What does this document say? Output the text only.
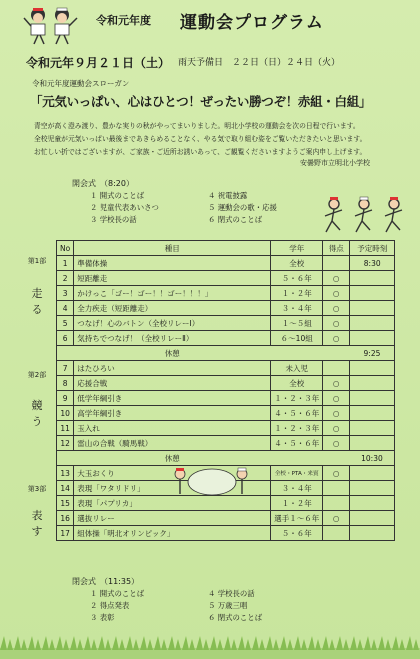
令和元年度 運動会プログラム
令和元年９月２１日（土） 雨天予備日　２２日（日）２４日（火）
令和元年度運動会スローガン
「元気いっぱい、心はひとつ！ぜったい勝つぞ！赤組・白組」
青空が高く澄み渡り、豊かな実りの秋がやってまいりました。明北小学校の運動会を次の日程で行います。
全校児童が元気いっぱい最後まであきらめることなく、やる気で取り組む姿をご覧いただきたいと思います。
お忙しい折ではございますが、ご家族・ご近所お誘いあって、ご観覧くださいますようご案内申し上げます。
安曇野市立明北小学校
開会式　（8:20）
１ 開式のことば
２ 児童代表あいさつ
３ 学校長の話
４ 祝電披露
５ 運動会の歌・応援
６ 閉式のことば
第1部
走
る
第2部
競
う
第3部
表
す
No	種目	学年	得点	予定時刻
1	準備体操	全校		8:30
2	短距離走	５・６年	○	
3	かけっこ「ゴー！ゴー！！ゴー！！！」	１・２年	○	
4	全力疾走（短距離走）	３・４年	○	
5	つなげ！心のバトン（全校リレーⅠ）	１〜５組	○	
6	気持ちでつなげ！（全校リレーⅡ）	６〜10組	○	
	休憩			9:25
7	はたひろい	未入児		
8	応援合戦	全校	○	
9	低学年綱引き	１・２・３年	○	
10	高学年綱引き	４・５・６年	○	
11	玉入れ	１・２・３年	○	
12	雷山の合戦（騎馬戦）	４・５・６年	○	
	休憩			10:30
13	大玉おくり	全校・PTA・来賓	○	
14	表現「ワタリドリ」	３・４年		
15	表現「パプリカ」	１・２年		
16	選抜リレー	選手１〜６年	○	
17	組体操「明北オリンピック」	５・６年		
閉会式　（11:35）
１ 開式のことば
２ 得点発表
３ 表彰
４ 学校長の話
５ 万歳三唱
６ 閉式のことば
